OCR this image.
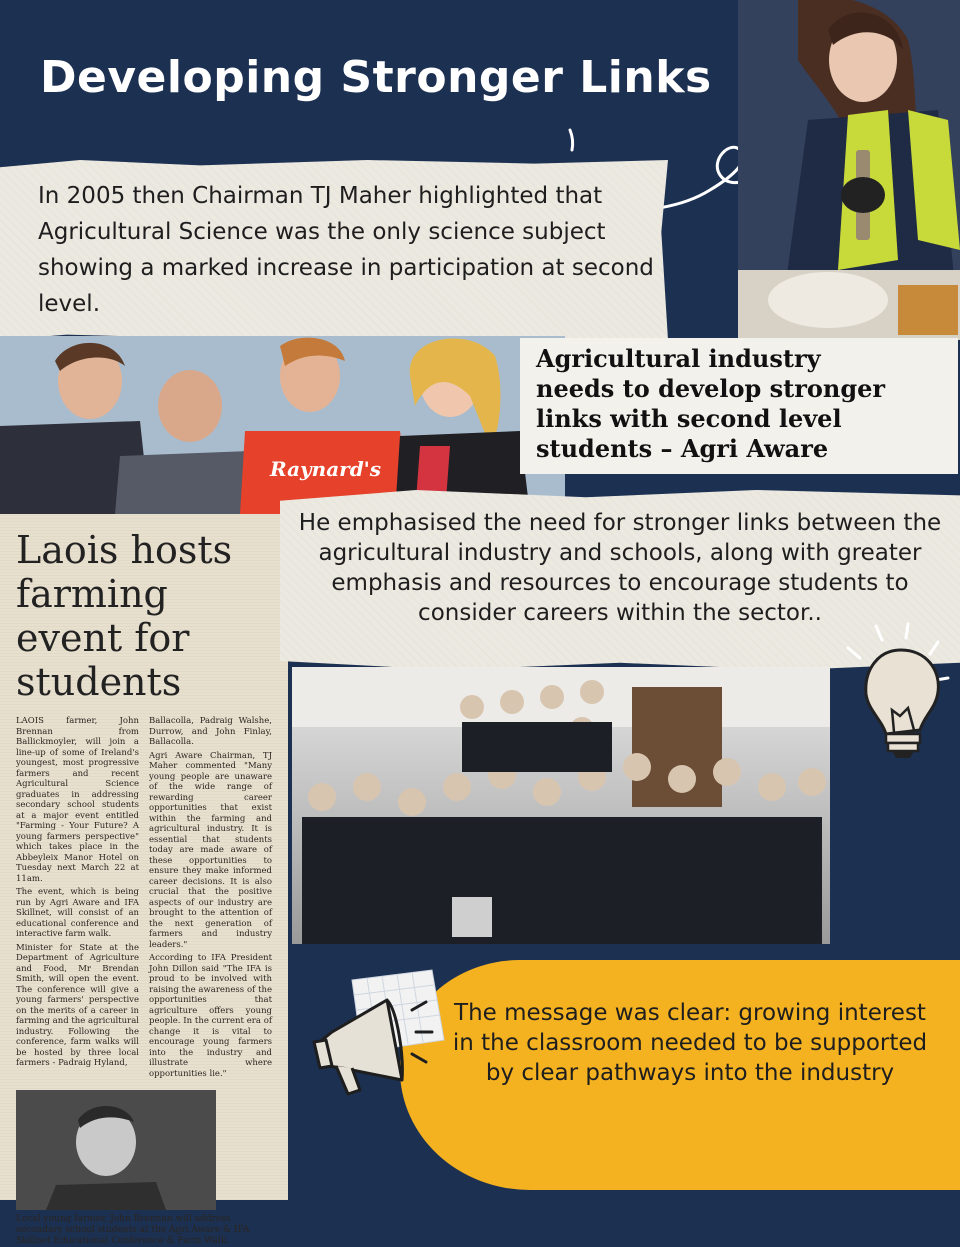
Developing Stronger Links
In 2005 then Chairman TJ Maher highlighted that Agricultural Science was the only science subject showing a marked increase in participation at second level.
Raynard's
Agricultural industry
needs to develop stronger
links with second level
students – Agri Aware
Laois hosts farming event for students

LAOIS farmer, John Brennan from Ballickmoyler, will join a line-up of some of Ireland's youngest, most progressive farmers and recent Agricultural Science graduates in addressing secondary school students at a major event entitled "Farming - Your Future? A young farmers perspective" which takes place in the Abbeyleix Manor Hotel on Tuesday next March 22 at 11am.

The event, which is being run by Agri Aware and IFA Skillnet, will consist of an educational conference and interactive farm walk.

Minister for State at the Department of Agriculture and Food, Mr Brendan Smith, will open the event. The conference will give a young farmers' perspective on the merits of a career in farming and the agricultural industry. Following the conference, farm walks will be hosted by three local farmers - Padraig Hyland,

Ballacolla, Padraig Walshe, Durrow, and John Finlay, Ballacolla.

Agri Aware Chairman, TJ Maher commented "Many young people are unaware of the wide range of rewarding career opportunities that exist within the farming and agricultural industry. It is essential that students today are made aware of these opportunities to ensure they make informed career decisions. It is also crucial that the positive aspects of our industry are brought to the attention of the next generation of farmers and industry leaders."

According to IFA President John Dillon said "The IFA is proud to be involved with raising the awareness of the opportunities that agriculture offers young people. In the current era of change it is vital to encourage young farmers into the industry and illustrate where opportunities lie."

Local young farmer, John Brennan will address secondary school students at the Agri Aware & IFA Skillnet Educational Conference & Farm Walk.
He emphasised the need for stronger links between the agricultural industry and schools, along with greater emphasis and resources to encourage students to consider careers within the sector..
The message was clear: growing interest in the classroom needed to be supported by clear pathways into the industry
